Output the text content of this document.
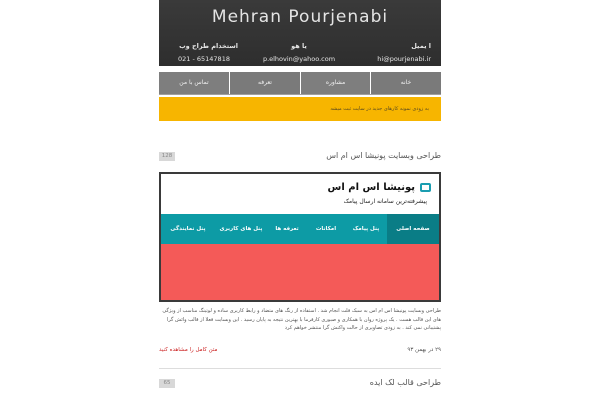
Mehran Pourjenabi
ا یمیل
hi@pourjenabi.ir
یا هو
p.elhovin@yahoo.com
استخدام طراح وب
021 - 65147818
خانه
مشاوره
تعرفه
تماس با من
به زودی نمونه کارهای جدید در سایت ثبت میشه
طراحی وبسایت پونیشا اس ام اس
128
پونیشا اس ام اس
پیشرفته‌ترین سامانه ارسال پیامک
صفحه اصلی
پنل پیامک
امکانات
تعرفه ها
پنل های کاربری
پنل نمایندگی
طراحی وبسایت پونیشا اس ام اس به سبک فلت انجام شد . استفاده از رنگ های متضاد و رابط کاربری ساده و لوتینگ مناسب از ویژگی های این قالب هست . یک پروژه روان با همکاری و صبوری کارفرما با بهترین نتیجه به پایان رسید . این وبسایت فعلا از قالب وائش گرا پشتیبانی نمی کند . به زودی تصاویری از حالت واکنش گرا منتشر خواهم کرد
۲۹ در بهمن ۹۳
متن کامل را مشاهده کنید
طراحی قالب لک ایده
65
